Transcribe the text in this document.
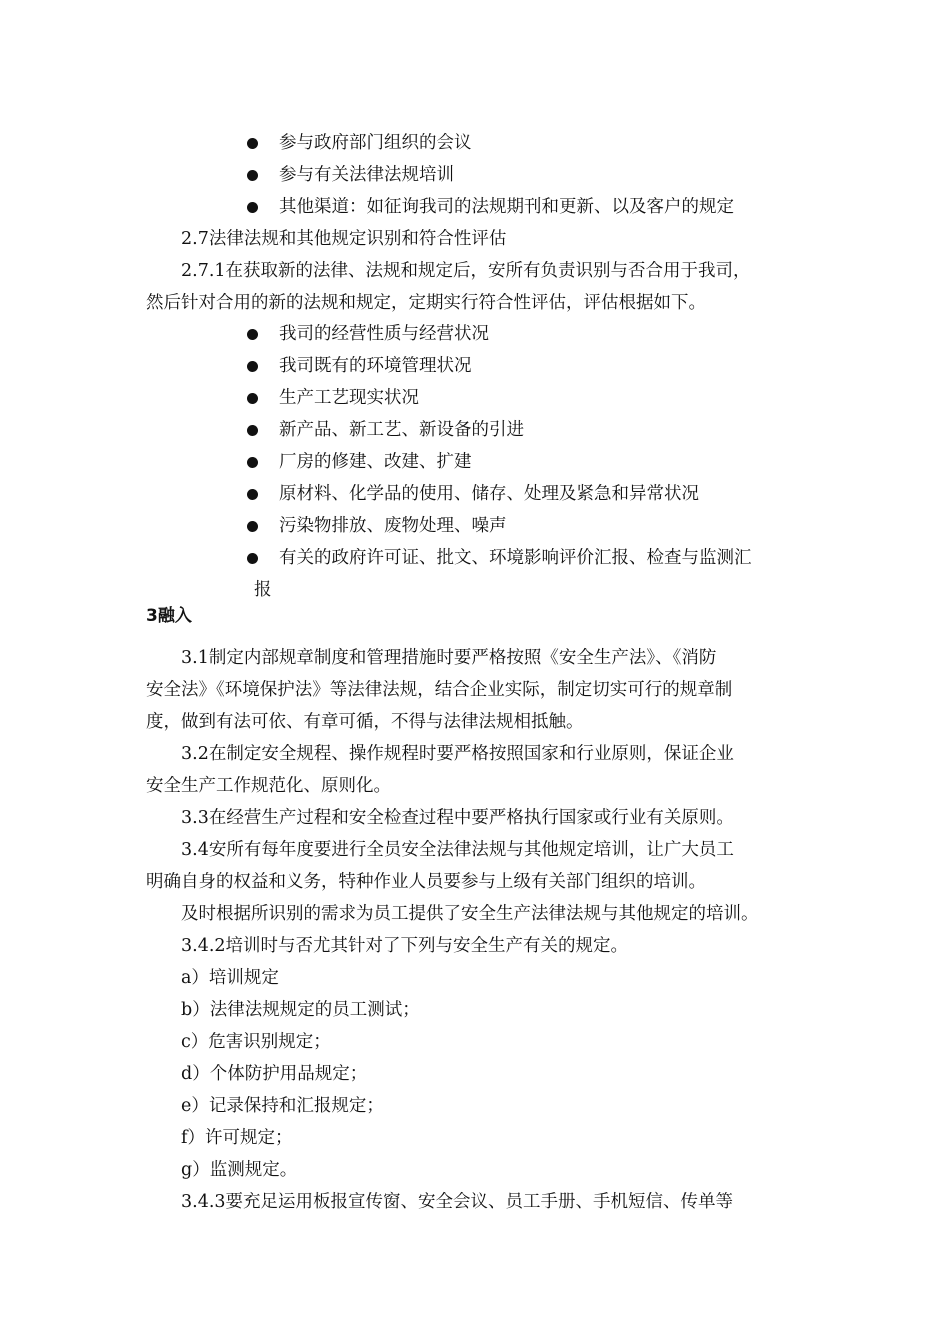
参与政府部门组织的会议
参与有关法律法规培训
其他渠道：如征询我司的法规期刊和更新、以及客户的规定
2.7法律法规和其他规定识别和符合性评估
2.7.1在获取新的法律、法规和规定后，安所有负责识别与否合用于我司，
然后针对合用的新的法规和规定，定期实行符合性评估，评估根据如下。
我司的经营性质与经营状况
我司既有的环境管理状况
生产工艺现实状况
新产品、新工艺、新设备的引进
厂房的修建、改建、扩建
原材料、化学品的使用、储存、处理及紧急和异常状况
污染物排放、废物处理、噪声
有关的政府许可证、批文、环境影响评价汇报、检查与监测汇
报
3融入
3.1制定内部规章制度和管理措施时要严格按照《安全生产法》、《消防
安全法》《环境保护法》等法律法规，结合企业实际，制定切实可行的规章制
度，做到有法可依、有章可循，不得与法律法规相抵触。
3.2在制定安全规程、操作规程时要严格按照国家和行业原则，保证企业
安全生产工作规范化、原则化。
3.3在经营生产过程和安全检查过程中要严格执行国家或行业有关原则。
3.4安所有每年度要进行全员安全法律法规与其他规定培训，让广大员工
明确自身的权益和义务，特种作业人员要参与上级有关部门组织的培训。
及时根据所识别的需求为员工提供了安全生产法律法规与其他规定的培训。
3.4.2培训时与否尤其针对了下列与安全生产有关的规定。
a）培训规定
b）法律法规规定的员工测试；
c）危害识别规定；
d）个体防护用品规定；
e）记录保持和汇报规定；
f）许可规定；
g）监测规定。
3.4.3要充足运用板报宣传窗、安全会议、员工手册、手机短信、传单等
